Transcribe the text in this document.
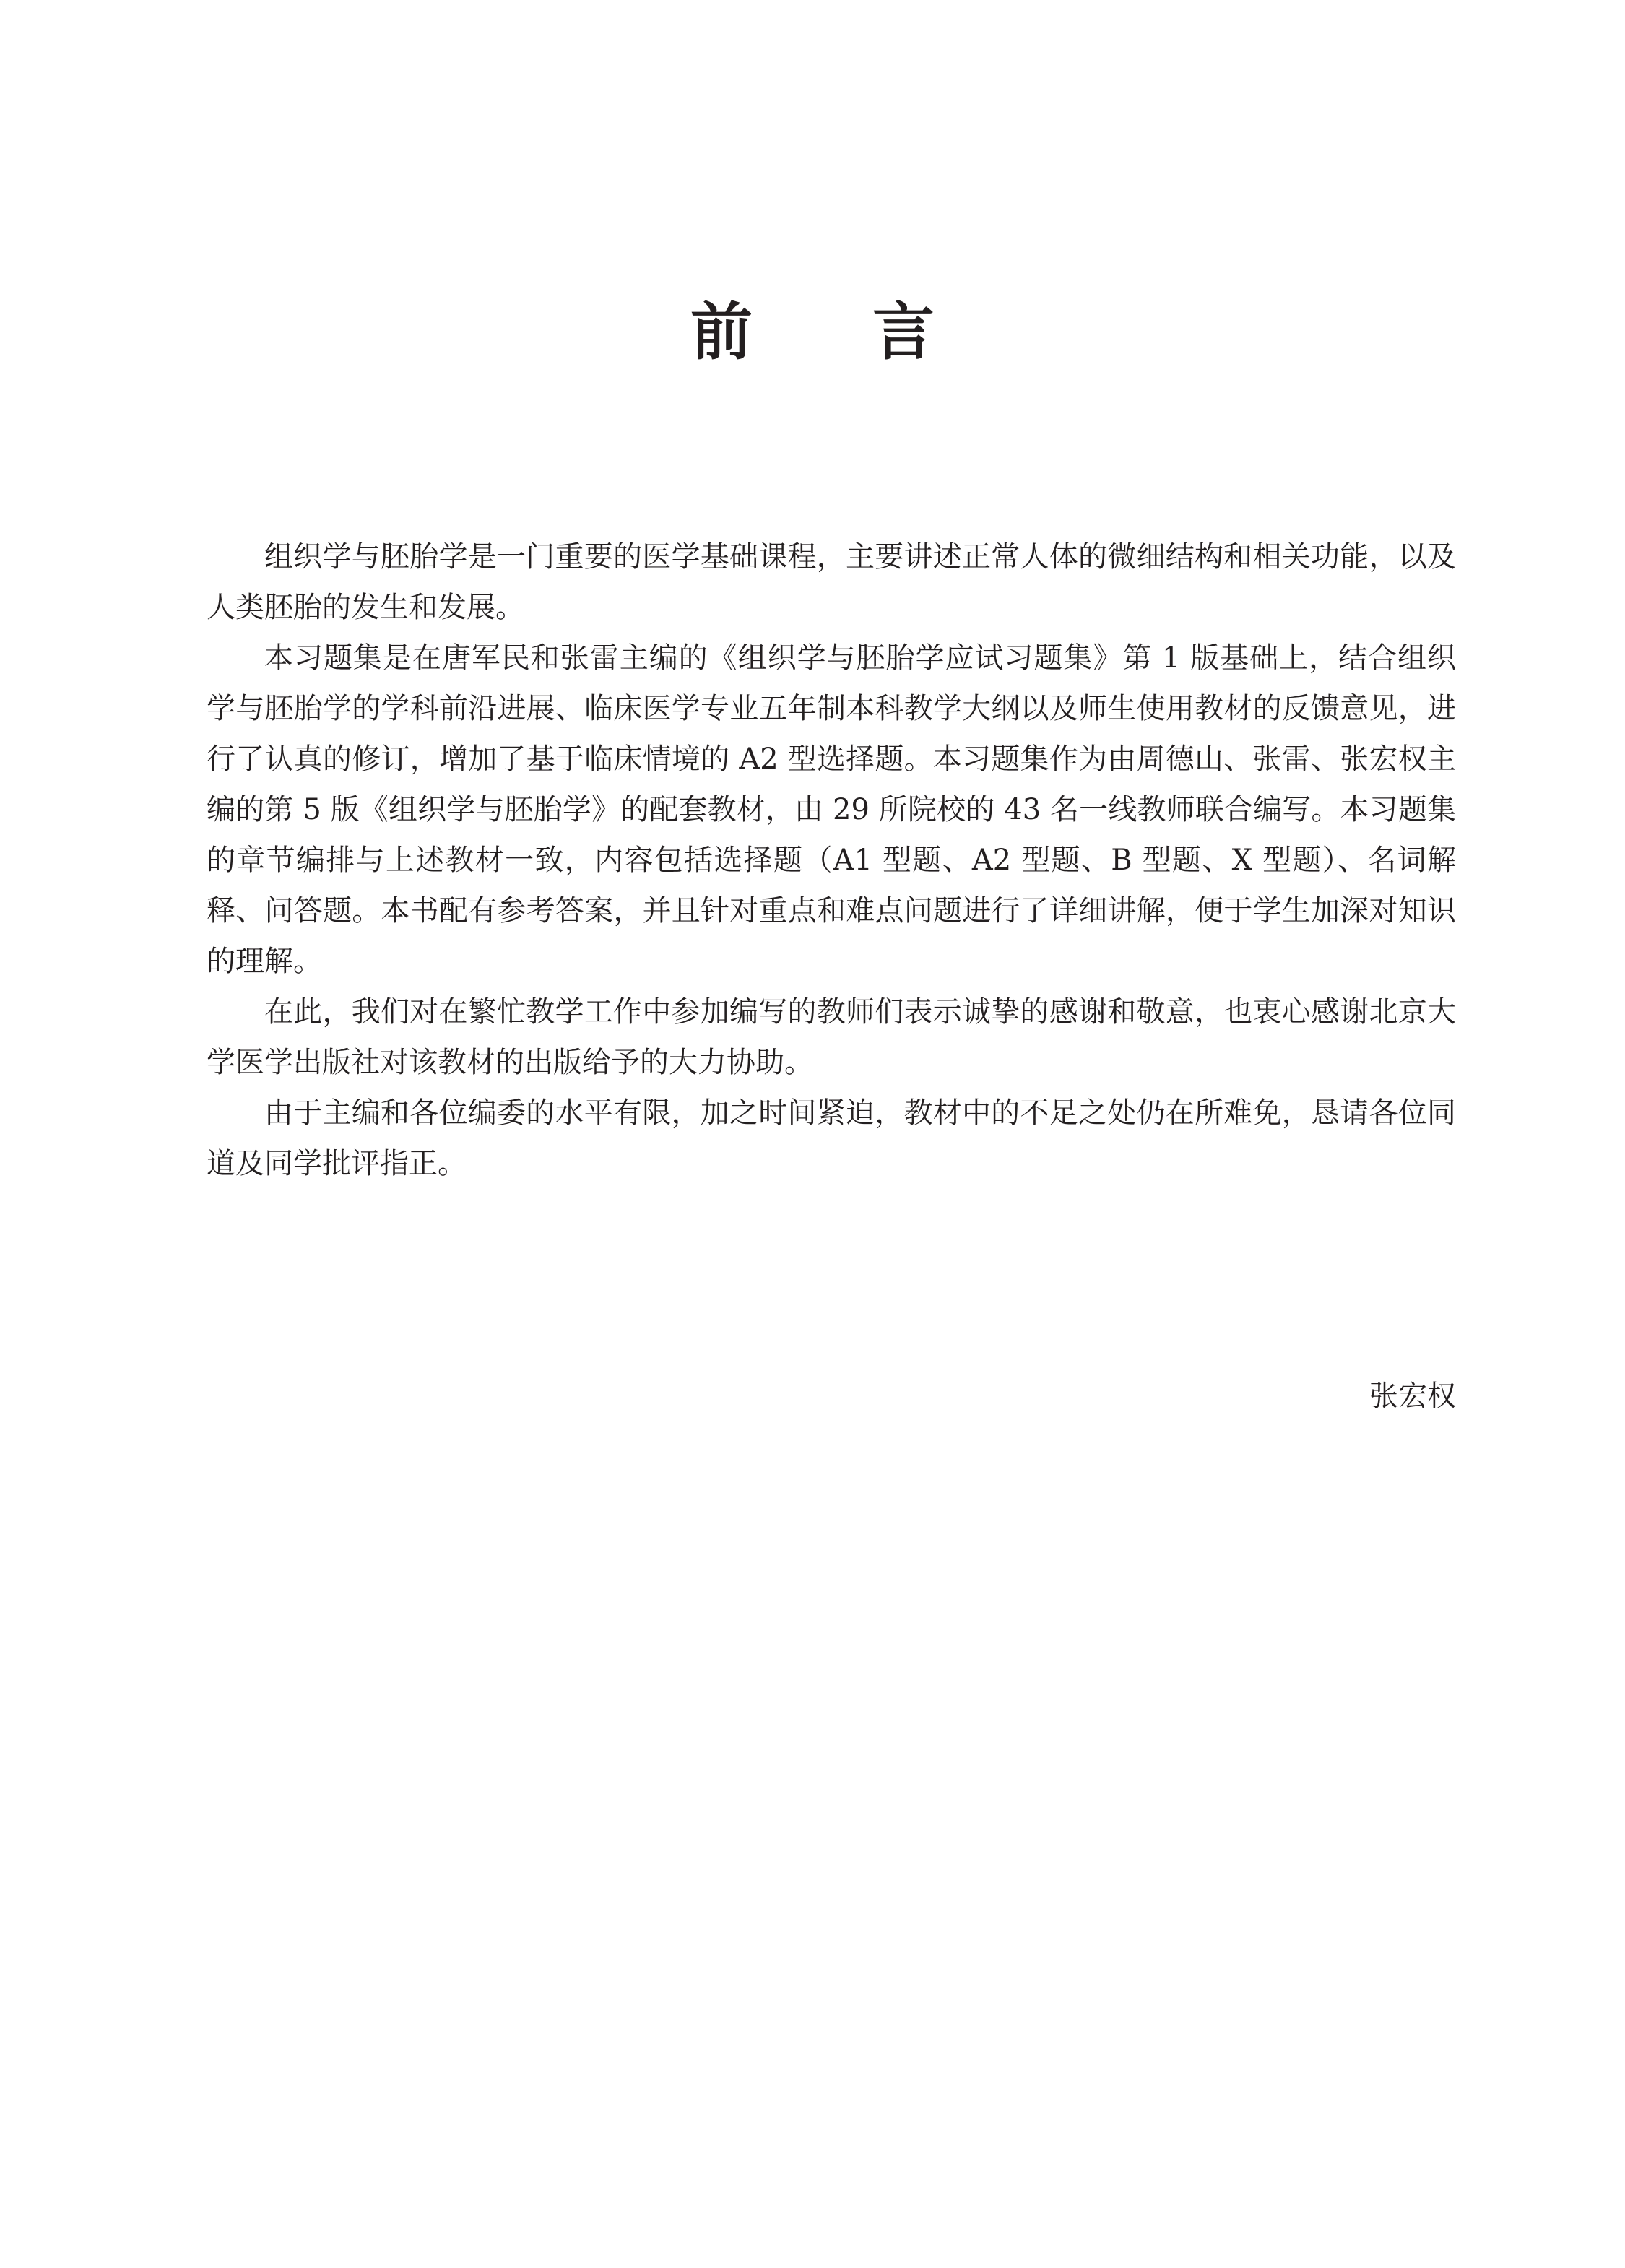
前 言

组织学与胚胎学是一门重要的医学基础课程，主要讲述正常人体的微细结构和相关功能，以及人类胚胎的发生和发展。

本习题集是在唐军民和张雷主编的《组织学与胚胎学应试习题集》第 1 版基础上，结合组织学与胚胎学的学科前沿进展、临床医学专业五年制本科教学大纲以及师生使用教材的反馈意见，进行了认真的修订，增加了基于临床情境的 A2 型选择题。本习题集作为由周德山、张雷、张宏权主编的第 5 版《组织学与胚胎学》的配套教材，由 29 所院校的 43 名一线教师联合编写。本习题集的章节编排与上述教材一致，内容包括选择题（A1 型题、A2 型题、B 型题、X 型题）、名词解释、问答题。本书配有参考答案，并且针对重点和难点问题进行了详细讲解，便于学生加深对知识的理解。

在此，我们对在繁忙教学工作中参加编写的教师们表示诚挚的感谢和敬意，也衷心感谢北京大学医学出版社对该教材的出版给予的大力协助。

由于主编和各位编委的水平有限，加之时间紧迫，教材中的不足之处仍在所难免，恳请各位同道及同学批评指正。

张宏权
